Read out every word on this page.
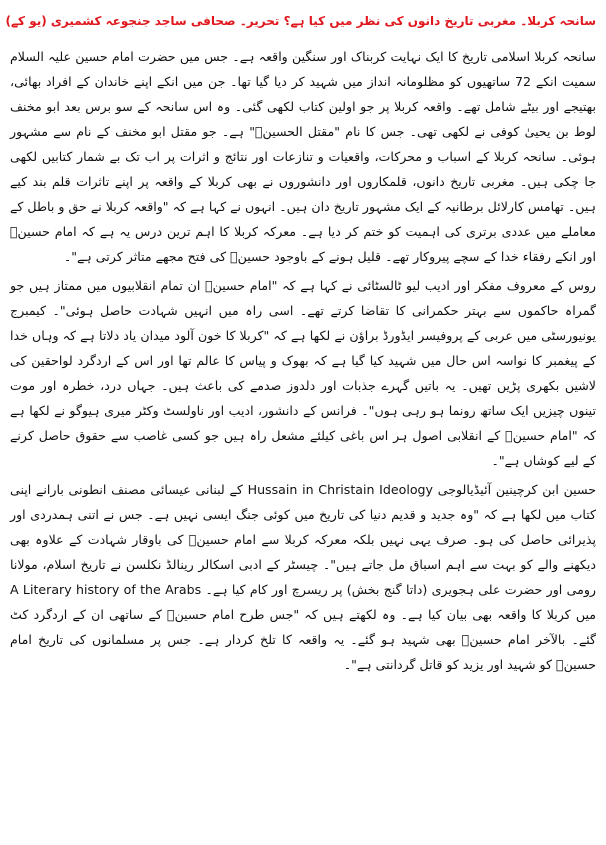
سانحہ کربلا۔ مغربی تاریخ دانوں کی نظر میں کیا ہے؟ تحریر۔ صحافی ساجد جنجوعہ کشمیری (یو کے)

سانحہ کربلا اسلامی تاریخ کا ایک نہایت کربناک اور سنگین واقعہ ہے۔ جس میں حضرت امام حسین علیہ السلام سمیت انکے 72 ساتھیوں کو مظلومانہ انداز میں شہید کر دیا گیا تھا۔ جن میں انکے اپنے خاندان کے افراد بھائی، بھتیجے اور بیٹے شامل تھے۔ واقعہ کربلا پر جو اولین کتاب لکھی گئی۔ وہ اس سانحہ کے سو برس بعد ابو مخنف لوط بن یحییٰ کوفی نے لکھی تھی۔ جس کا نام "مقتل الحسینؑ" ہے۔ جو مقتل ابو مخنف کے نام سے مشہور ہوئی۔ سانحہ کربلا کے اسباب و محرکات، واقعیات و تنازعات اور نتائج و اثرات پر اب تک بے شمار کتابیں لکھی جا چکی ہیں۔ مغربی تاریخ دانوں، قلمکاروں اور دانشوروں نے بھی کربلا کے واقعہ پر اپنے تاثرات قلم بند کیے ہیں۔ تھامس کارلائل برطانیہ کے ایک مشہور تاریخ دان ہیں۔ انہوں نے کہا ہے کہ "واقعہ کربلا نے حق و باطل کے معاملے میں عددی برتری کی اہمیت کو ختم کر دیا ہے۔ معرکہ کربلا کا اہم ترین درس یہ ہے کہ امام حسینؑ اور انکے رفقاء خدا کے سچے پیروکار تھے۔ قلیل ہونے کے باوجود حسینؑ کی فتح مجھے متاثر کرتی ہے"۔

روس کے معروف مفکر اور ادیب لیو ٹالسٹائی نے کہا ہے کہ "امام حسینؑ ان تمام انقلابیوں میں ممتاز ہیں جو گمراہ حاکموں سے بہتر حکمرانی کا تقاضا کرتے تھے۔ اسی راہ میں انہیں شہادت حاصل ہوئی"۔ کیمبرج یونیورسٹی میں عربی کے پروفیسر ایڈورڈ براؤن نے لکھا ہے کہ "کربلا کا خون آلود میدان یاد دلاتا ہے کہ وہاں خدا کے پیغمبر کا نواسہ اس حال میں شہید کیا گیا ہے کہ بھوک و پیاس کا عالم تھا اور اس کے اردگرد لواحقین کی لاشیں بکھری پڑیں تھیں۔ یہ باتیں گہرے جذبات اور دلدوز صدمے کی باعث ہیں۔ جہاں درد، خطرہ اور موت تینوں چیزیں ایک ساتھ رونما ہو رہی ہوں"۔ فرانس کے دانشور، ادیب اور ناولسٹ وکٹر میری ہیوگو نے لکھا ہے کہ "امام حسینؑ کے انقلابی اصول ہر اس باغی کیلئے مشعل راہ ہیں جو کسی غاصب سے حقوق حاصل کرنے کے لیے کوشاں ہے"۔

حسین ابن کرچینین آئیڈیالوجی Hussain in Christain Ideology کے لبنانی عیسائی مصنف انطونی بارانے اپنی کتاب میں لکھا ہے کہ "وہ جدید و قدیم دنیا کی تاریخ میں کوئی جنگ ایسی نہیں ہے۔ جس نے اتنی ہمدردی اور پذیرائی حاصل کی ہو۔ صرف یہی نہیں بلکہ معرکہ کربلا سے امام حسینؑ کی باوقار شہادت کے علاوہ بھی دیکھنے والے کو بہت سے اہم اسباق مل جاتے ہیں"۔ چیسٹر کے ادبی اسکالر رینالڈ نکلسن نے تاریخ اسلام، مولانا رومی اور حضرت علی ہجویری (داتا گنج بخش) پر ریسرچ اور کام کیا ہے۔ A Literary history of the Arabs میں کربلا کا واقعہ بھی بیان کیا ہے۔ وہ لکھتے ہیں کہ "جس طرح امام حسینؑ کے ساتھی ان کے اردگرد کٹ گئے۔ بالآخر امام حسینؑ بھی شہید ہو گئے۔ یہ واقعہ کا تلخ کردار ہے۔ جس پر مسلمانوں کی تاریخ امام حسینؑ کو شہید اور یزید کو قاتل گردانتی ہے"۔
